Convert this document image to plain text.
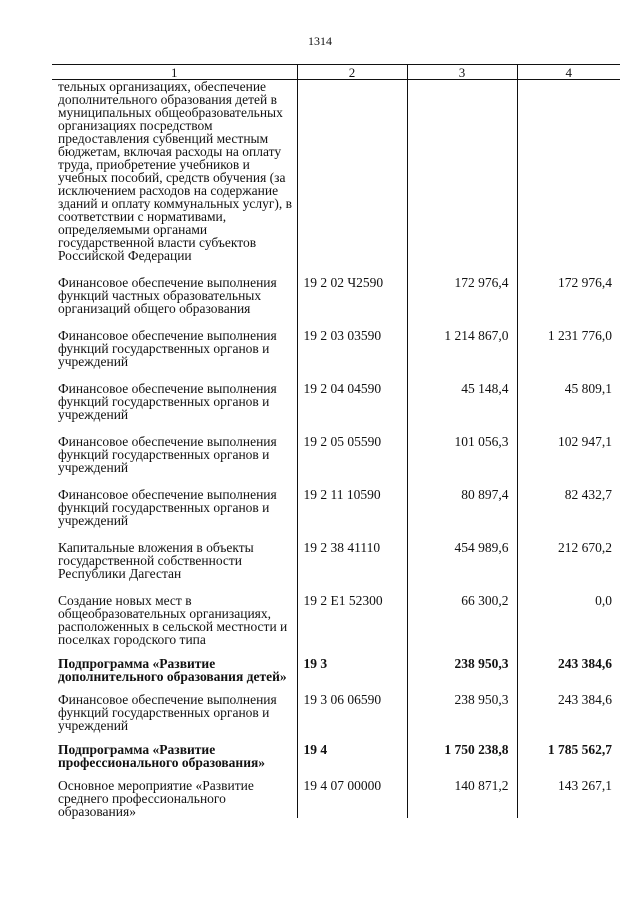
1314
1	2	3	4
тельных организациях, обеспечение дополнительного образования детей в муниципальных общеобразовательных организациях посредством предоставления субвенций местным бюджетам, включая расходы на оплату труда, приобретение учебников и учебных пособий, средств обучения (за исключением расходов на содержание зданий и оплату коммунальных услуг), в соответствии с нормативами, определяемыми органами государственной власти субъектов Российской Федерации			
Финансовое обеспечение выполнения функций частных образовательных организаций общего образования	19 2 02 Ч2590	172 976,4	172 976,4
Финансовое обеспечение выполнения функций государственных органов и учреждений	19 2 03 03590	1 214 867,0	1 231 776,0
Финансовое обеспечение выполнения функций государственных органов и учреждений	19 2 04 04590	45 148,4	45 809,1
Финансовое обеспечение выполнения функций государственных органов и учреждений	19 2 05 05590	101 056,3	102 947,1
Финансовое обеспечение выполнения функций государственных органов и учреждений	19 2 11 10590	80 897,4	82 432,7
Капитальные вложения в объекты государственной собственности Республики Дагестан	19 2 38 41110	454 989,6	212 670,2
Создание новых мест в общеобразовательных организациях, расположенных в сельской местности и поселках городского типа	19 2 Е1 52300	66 300,2	0,0
Подпрограмма «Развитие дополнительного образования детей»	19 3	238 950,3	243 384,6
Финансовое обеспечение выполнения функций государственных органов и учреждений	19 3 06 06590	238 950,3	243 384,6
Подпрограмма «Развитие профессионального образования»	19 4	1 750 238,8	1 785 562,7
Основное мероприятие «Развитие среднего профессионального образования»	19 4 07 00000	140 871,2	143 267,1
